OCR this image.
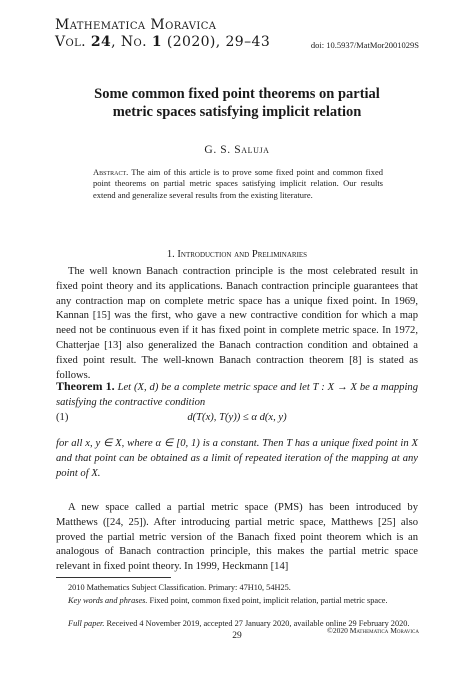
Mathematica Moravica
Vol. 24, No. 1 (2020), 29–43	doi: 10.5937/MatMor2001029S
Some common fixed point theorems on partial
metric spaces satisfying implicit relation
G. S. Saluja
Abstract. The aim of this article is to prove some fixed point and common fixed point theorems on partial metric spaces satisfying implicit relation. Our results extend and generalize several results from the existing literature.
1. Introduction and Preliminaries
The well known Banach contraction principle is the most celebrated result in fixed point theory and its applications. Banach contraction principle guarantees that any contraction map on complete metric space has a unique fixed point. In 1969, Kannan [15] was the first, who gave a new contractive condition for which a map need not be continuous even if it has fixed point in complete metric space. In 1972, Chatterjae [13] also generalized the Banach contraction condition and obtained a fixed point result. The well-known Banach contraction theorem [8] is stated as follows.
Theorem 1. Let (X, d) be a complete metric space and let T : X → X be a mapping satisfying the contractive condition
(1)	d(T(x), T(y)) ≤ α d(x, y)
for all x, y ∈ X, where α ∈ [0, 1) is a constant. Then T has a unique fixed point in X and that point can be obtained as a limit of repeated iteration of the mapping at any point of X.
A new space called a partial metric space (PMS) has been introduced by Matthews ([24, 25]). After introducing partial metric space, Matthews [25] also proved the partial metric version of the Banach fixed point theorem which is an analogous of Banach contraction principle, this makes the partial metric space relevant in fixed point theory. In 1999, Heckmann [14]
2010 Mathematics Subject Classification. Primary: 47H10, 54H25.
Key words and phrases. Fixed point, common fixed point, implicit relation, partial metric space.
Full paper. Received 4 November 2019, accepted 27 January 2020, available online 29 February 2020.
©2020 Mathematica Moravica
29
